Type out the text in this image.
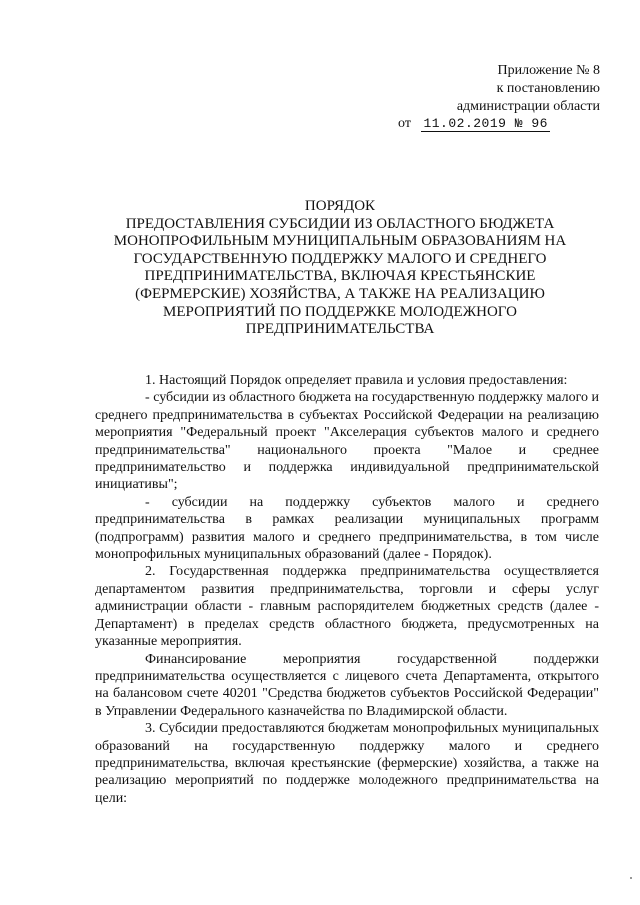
Приложение № 8
к постановлению
администрации области
от 11.02.2019 № 96
ПОРЯДОК
ПРЕДОСТАВЛЕНИЯ СУБСИДИИ ИЗ ОБЛАСТНОГО БЮДЖЕТА
МОНОПРОФИЛЬНЫМ МУНИЦИПАЛЬНЫМ ОБРАЗОВАНИЯМ НА
ГОСУДАРСТВЕННУЮ ПОДДЕРЖКУ МАЛОГО И СРЕДНЕГО
ПРЕДПРИНИМАТЕЛЬСТВА, ВКЛЮЧАЯ КРЕСТЬЯНСКИЕ
(ФЕРМЕРСКИЕ) ХОЗЯЙСТВА, А ТАКЖЕ НА РЕАЛИЗАЦИЮ
МЕРОПРИЯТИЙ ПО ПОДДЕРЖКЕ МОЛОДЕЖНОГО
ПРЕДПРИНИМАТЕЛЬСТВА

1. Настоящий Порядок определяет правила и условия предоставления:

- субсидии из областного бюджета на государственную поддержку малого и среднего предпринимательства в субъектах Российской Федерации на реализацию мероприятия "Федеральный проект "Акселерация субъектов малого и среднего предпринимательства" национального проекта "Малое и среднее предпринимательство и поддержка индивидуальной предпринимательской инициативы";

- субсидии на поддержку субъектов малого и среднего предпринимательства в рамках реализации муниципальных программ (подпрограмм) развития малого и среднего предпринимательства, в том числе монопрофильных муниципальных образований (далее - Порядок).

2. Государственная поддержка предпринимательства осуществляется департаментом развития предпринимательства, торговли и сферы услуг администрации области - главным распорядителем бюджетных средств (далее - Департамент) в пределах средств областного бюджета, предусмотренных на указанные мероприятия.

Финансирование мероприятия государственной поддержки предпринимательства осуществляется с лицевого счета Департамента, открытого на балансовом счете 40201 "Средства бюджетов субъектов Российской Федерации" в Управлении Федерального казначейства по Владимирской области.

3. Субсидии предоставляются бюджетам монопрофильных муниципальных образований на государственную поддержку малого и среднего предпринимательства, включая крестьянские (фермерские) хозяйства, а также на реализацию мероприятий по поддержке молодежного предпринимательства на цели:
